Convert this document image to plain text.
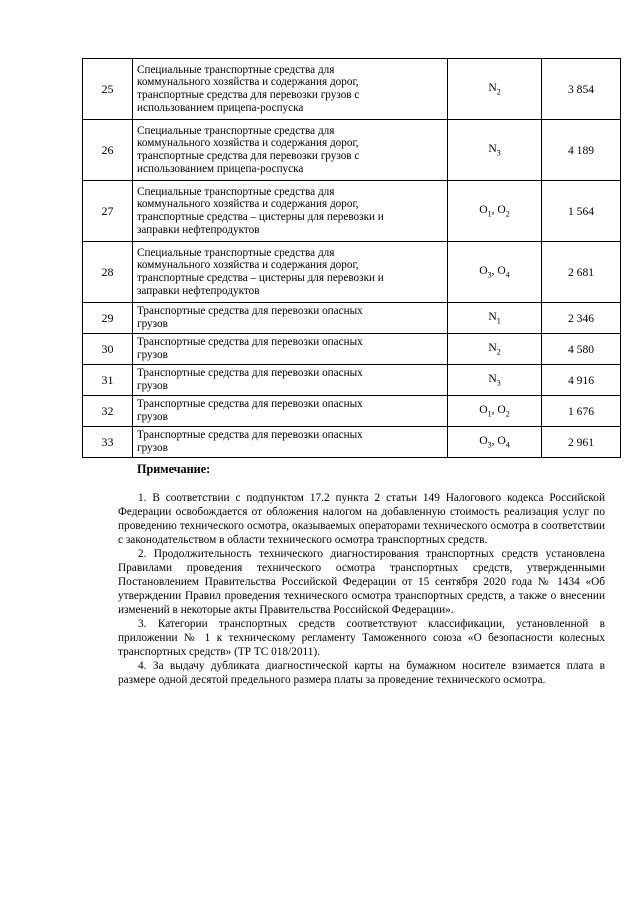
25	Специальные транспортные средства для
коммунального хозяйства и содержания дорог,
транспортные средства для перевозки грузов с
использованием прицепа-роспуска	$N_2$	3 854
26	Специальные транспортные средства для
коммунального хозяйства и содержания дорог,
транспортные средства для перевозки грузов с
использованием прицепа-роспуска	$N_3$	4 189
27	Специальные транспортные средства для
коммунального хозяйства и содержания дорог,
транспортные средства – цистерны для перевозки и
заправки нефтепродуктов	$O_1$, $O_2$	1 564
28	Специальные транспортные средства для
коммунального хозяйства и содержания дорог,
транспортные средства – цистерны для перевозки и
заправки нефтепродуктов	$O_3$, $O_4$	2 681
29	Транспортные средства для перевозки опасных
грузов	$N_1$	2 346
30	Транспортные средства для перевозки опасных
грузов	$N_2$	4 580
31	Транспортные средства для перевозки опасных
грузов	$N_3$	4 916
32	Транспортные средства для перевозки опасных
грузов	$O_1$, $O_2$	1 676
33	Транспортные средства для перевозки опасных
грузов	$O_3$, $O_4$	2 961
Примечание:

1. В соответствии с подпунктом 17.2 пункта 2 статьи 149 Налогового кодекса Российской Федерации освобождается от обложения налогом на добавленную стоимость реализация услуг по проведению технического осмотра, оказываемых операторами технического осмотра в соответствии с законодательством в области технического осмотра транспортных средств.

2. Продолжительность технического диагностирования транспортных средств установлена Правилами проведения технического осмотра транспортных средств, утвержденными Постановлением Правительства Российской Федерации от 15 сентября 2020 года № 1434 «Об утверждении Правил проведения технического осмотра транспортных средств, а также о внесении изменений в некоторые акты Правительства Российской Федерации».

3. Категории транспортных средств соответствуют классификации, установленной в приложении № 1 к техническому регламенту Таможенного союза «О безопасности колесных транспортных средств» (ТР ТС 018/2011).

4. За выдачу дубликата диагностической карты на бумажном носителе взимается плата в размере одной десятой предельного размера платы за проведение технического осмотра.
